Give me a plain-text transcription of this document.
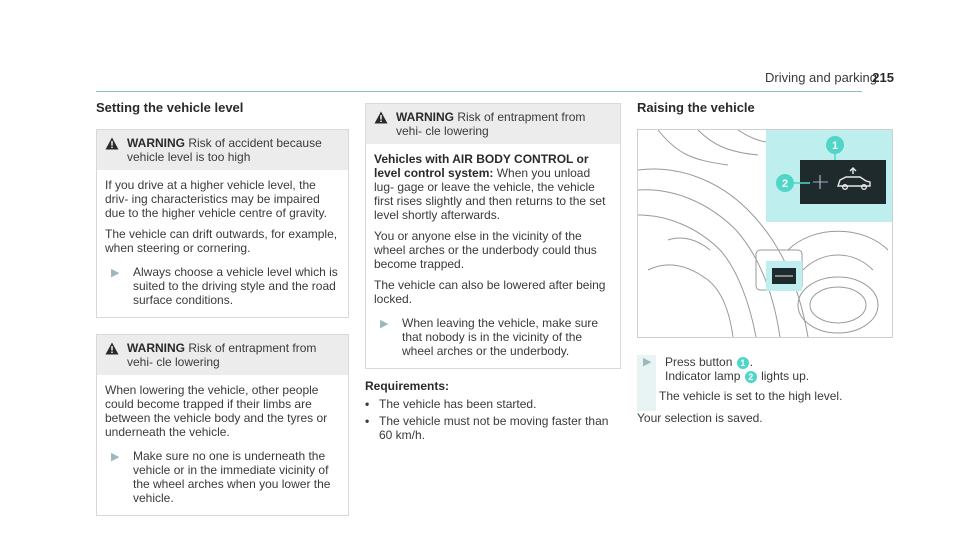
Driving and parking
215
Setting the vehicle level
WARNING Risk of accident because vehicle level is too high

If you drive at a higher vehicle level, the driv- ing characteristics may be impaired due to the higher vehicle centre of gravity.

The vehicle can drift outwards, for example, when steering or cornering.

▶	Always choose a vehicle level which is suited to the driving style and the road surface conditions.
WARNING Risk of entrapment from vehi- cle lowering

When lowering the vehicle, other people could become trapped if their limbs are between the vehicle body and the tyres or underneath the vehicle.

▶	Make sure no one is underneath the vehicle or in the immediate vicinity of the wheel arches when you lower the vehicle.
WARNING Risk of entrapment from vehi- cle lowering

Vehicles with AIR BODY CONTROL or level control system: When you unload lug- gage or leave the vehicle, the vehicle first rises slightly and then returns to the set level shortly afterwards.

You or anyone else in the vicinity of the wheel arches or the underbody could thus become trapped.

The vehicle can also be lowered after being locked.

▶	When leaving the vehicle, make sure that nobody is in the vicinity of the wheel arches or the underbody.
Requirements:
• The vehicle has been started.
• The vehicle must not be moving faster than 60 km/h.
Raising the vehicle
1
2
▶	Press button 1 .
Indicator lamp 2 lights up.
The vehicle is set to the high level.
Your selection is saved.
